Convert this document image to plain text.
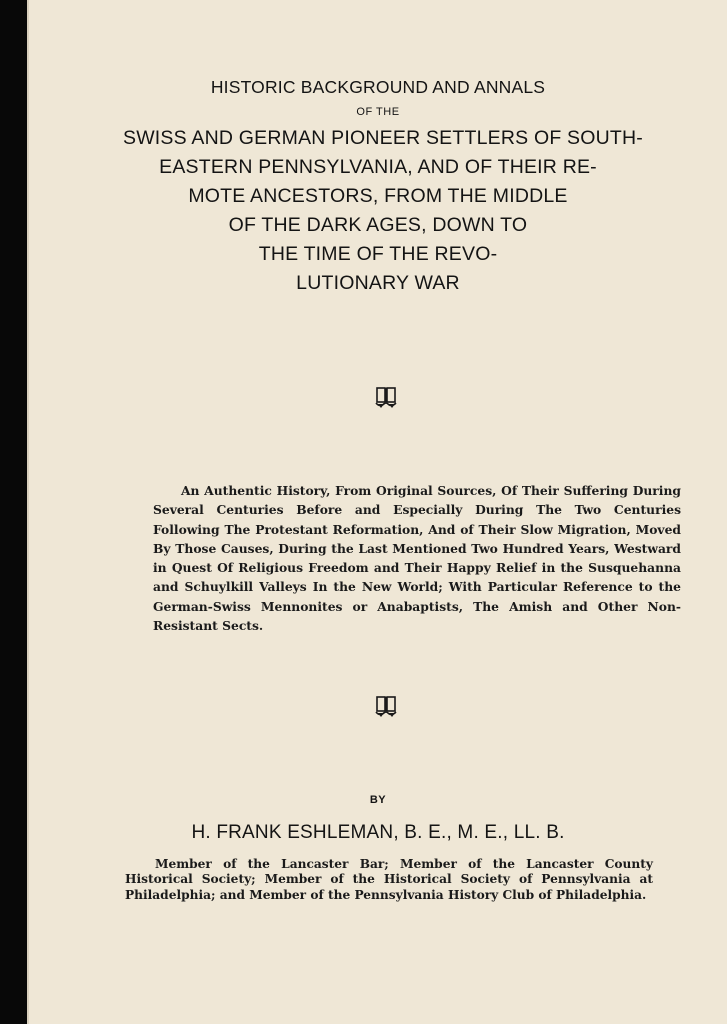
HISTORIC BACKGROUND AND ANNALS
OF THE
SWISS AND GERMAN PIONEER SETTLERS OF SOUTH-
EASTERN PENNSYLVANIA, AND OF THEIR RE-
MOTE ANCESTORS, FROM THE MIDDLE
OF THE DARK AGES, DOWN TO
THE TIME OF THE REVO-
LUTIONARY WAR

An Authentic History, From Original Sources, Of Their Suffering During Several Centuries Before and Especially During The Two Centuries Following The Protestant Reformation, And of Their Slow Migration, Moved By Those Causes, During the Last Mentioned Two Hundred Years, Westward in Quest Of Religious Freedom and Their Happy Relief in the Susquehanna and Schuylkill Valleys In the New World; With Particular Reference to the German-Swiss Mennonites or Anabaptists, The Amish and Other Non-Resistant Sects.

BY
H. FRANK ESHLEMAN, B. E., M. E., LL. B.

Member of the Lancaster Bar; Member of the Lancaster County Historical Society; Member of the Historical Society of Pennsylvania at Philadelphia; and Member of the Pennsylvania History Club of Philadelphia.
